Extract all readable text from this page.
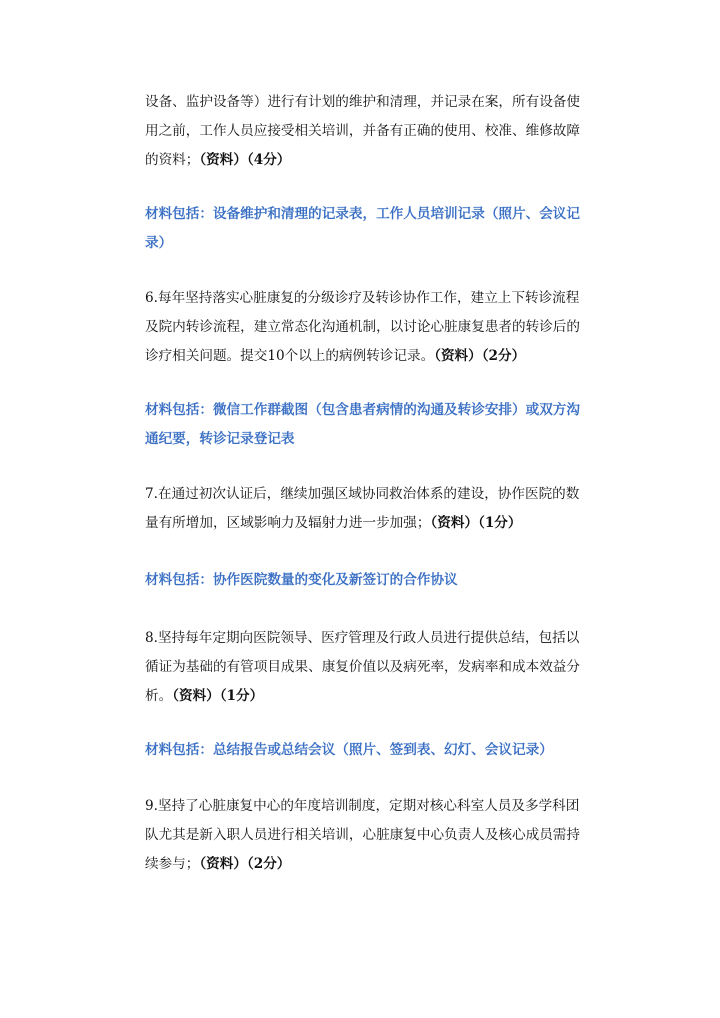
设备、监护设备等）进行有计划的维护和清理，并记录在案，所有设备使
用之前，工作人员应接受相关培训，并备有正确的使用、校准、维修故障
的资料；（资料）（4分）

材料包括：设备维护和清理的记录表，工作人员培训记录（照片、会议记
录）

6.每年坚持落实心脏康复的分级诊疗及转诊协作工作，建立上下转诊流程
及院内转诊流程，建立常态化沟通机制，以讨论心脏康复患者的转诊后的
诊疗相关问题。提交10个以上的病例转诊记录。（资料）（2分）

材料包括：微信工作群截图（包含患者病情的沟通及转诊安排）或双方沟
通纪要，转诊记录登记表

7.在通过初次认证后，继续加强区域协同救治体系的建设，协作医院的数
量有所增加，区域影响力及辐射力进一步加强；（资料）（1分）

材料包括：协作医院数量的变化及新签订的合作协议

8.坚持每年定期向医院领导、医疗管理及行政人员进行提供总结，包括以
循证为基础的有管项目成果、康复价值以及病死率，发病率和成本效益分
析。（资料）（1分）

材料包括：总结报告或总结会议（照片、签到表、幻灯、会议记录）

9.坚持了心脏康复中心的年度培训制度，定期对核心科室人员及多学科团
队尤其是新入职人员进行相关培训，心脏康复中心负责人及核心成员需持
续参与；（资料）（2分）
